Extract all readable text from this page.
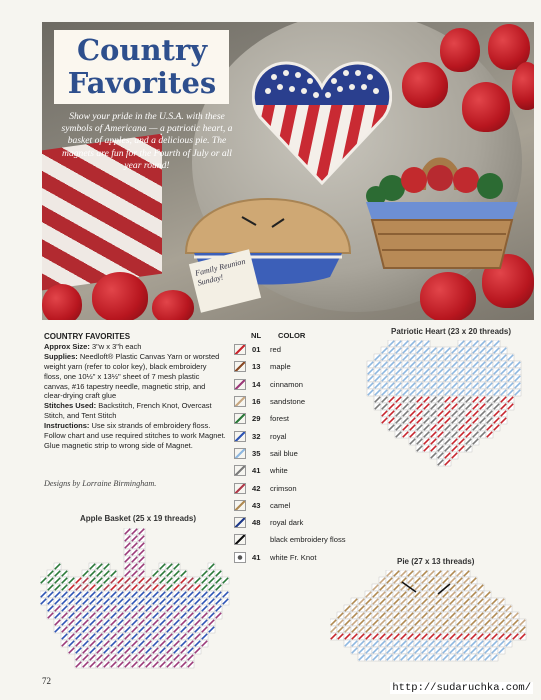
Country
Favorites
Show your pride in the U.S.A. with these symbols of Americana — a patriotic heart, a basket of apples, and a delicious pie. The magnets are fun for the Fourth of July or all year round!
Family Reunion Sunday!
COUNTRY FAVORITES
Approx Size: 3"w x 3"h each
Supplies: Needloft® Plastic Canvas Yarn or worsted weight yarn (refer to color key), black embroidery floss, one 10½" x 13½" sheet of 7 mesh plastic canvas, #16 tapestry needle, magnetic strip, and clear-drying craft glue
Stitches Used: Backstitch, French Knot, Overcast Stitch, and Tent Stitch
Instructions: Use six strands of embroidery floss. Follow chart and use required stitches to work Magnet. Glue magnetic strip to wrong side of Magnet.
Designs by Lorraine Birmingham.
NL	COLOR
01	red
13	maple
14	cinnamon
16	sandstone
29	forest
32	royal
35	sail blue
41	white
42	crimson
43	camel
48	royal dark
black embroidery floss
41	white Fr. Knot
Patriotic Heart (23 x 20 threads)
Apple Basket (25 x 19 threads)
Pie (27 x 13 threads)
72
http://sudaruchka.com/
